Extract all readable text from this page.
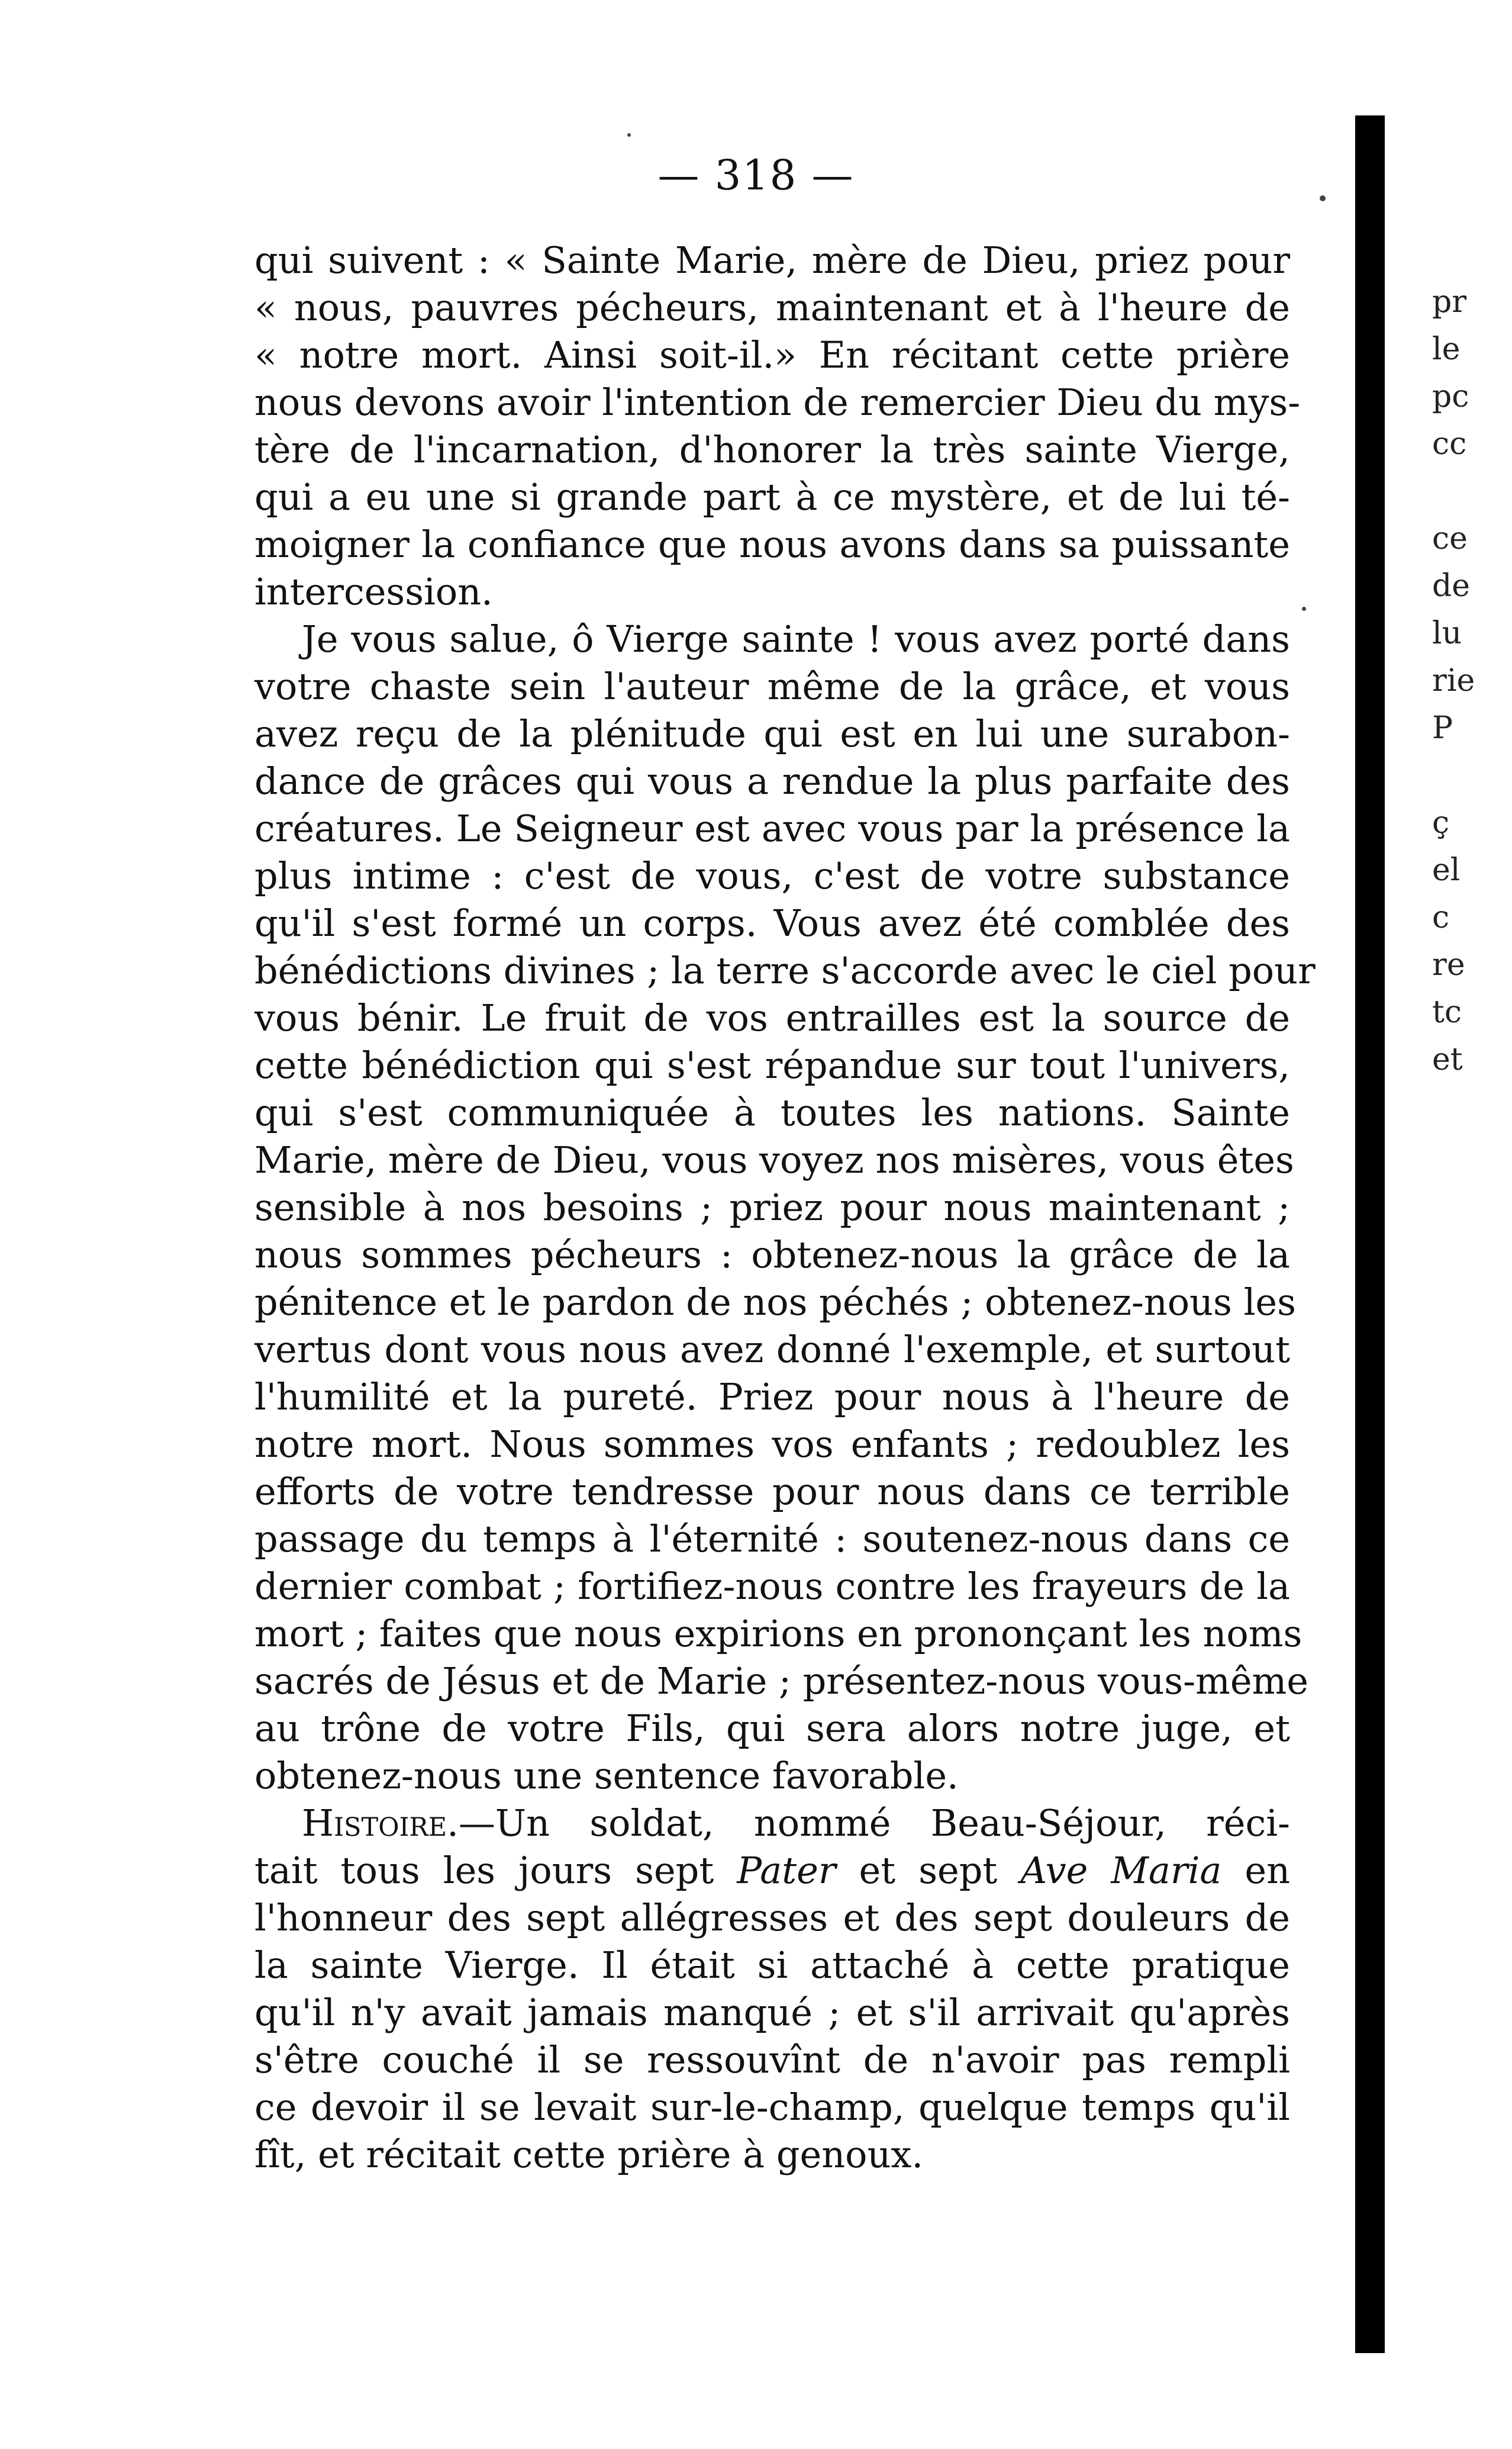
— 318 —
qui suivent : « Sainte Marie, mère de Dieu, priez pour
« nous, pauvres pécheurs, maintenant et à l'heure de
« notre mort. Ainsi soit-il.» En récitant cette prière
nous devons avoir l'intention de remercier Dieu du mys-
tère de l'incarnation, d'honorer la très sainte Vierge,
qui a eu une si grande part à ce mystère, et de lui té-
moigner la confiance que nous avons dans sa puissante
intercession.
Je vous salue, ô Vierge sainte ! vous avez porté dans
votre chaste sein l'auteur même de la grâce, et vous
avez reçu de la plénitude qui est en lui une surabon-
dance de grâces qui vous a rendue la plus parfaite des
créatures. Le Seigneur est avec vous par la présence la
plus intime : c'est de vous, c'est de votre substance
qu'il s'est formé un corps. Vous avez été comblée des
bénédictions divines ; la terre s'accorde avec le ciel pour
vous bénir. Le fruit de vos entrailles est la source de
cette bénédiction qui s'est répandue sur tout l'univers,
qui s'est communiquée à toutes les nations. Sainte
Marie, mère de Dieu, vous voyez nos misères, vous êtes
sensible à nos besoins ; priez pour nous maintenant ;
nous sommes pécheurs : obtenez-nous la grâce de la
pénitence et le pardon de nos péchés ; obtenez-nous les
vertus dont vous nous avez donné l'exemple, et surtout
l'humilité et la pureté. Priez pour nous à l'heure de
notre mort. Nous sommes vos enfants ; redoublez les
efforts de votre tendresse pour nous dans ce terrible
passage du temps à l'éternité : soutenez-nous dans ce
dernier combat ; fortifiez-nous contre les frayeurs de la
mort ; faites que nous expirions en prononçant les noms
sacrés de Jésus et de Marie ; présentez-nous vous-même
au trône de votre Fils, qui sera alors notre juge, et
obtenez-nous une sentence favorable.
Histoire.—Un soldat, nommé Beau-Séjour, réci-
tait tous les jours sept Pater et sept Ave Maria en
l'honneur des sept allégresses et des sept douleurs de
la sainte Vierge. Il était si attaché à cette pratique
qu'il n'y avait jamais manqué ; et s'il arrivait qu'après
s'être couché il se ressouvînt de n'avoir pas rempli
ce devoir il se levait sur-le-champ, quelque temps qu'il
fît, et récitait cette prière à genoux.
pr
le
pc
cc
ce
de
lu
rie
P
ç
el
c
re
tc
et
